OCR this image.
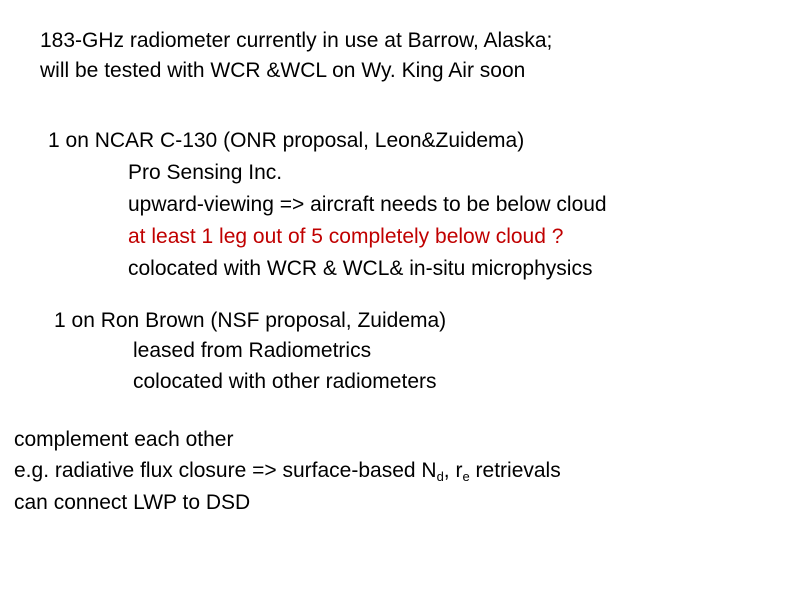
183-GHz radiometer currently in use at Barrow, Alaska;
will be tested with WCR &WCL on Wy. King Air soon
1 on NCAR C-130 (ONR proposal, Leon&Zuidema)
Pro Sensing Inc.
upward-viewing => aircraft needs to be below cloud
at least 1 leg out of 5 completely below cloud ?
colocated with WCR & WCL& in-situ microphysics
1 on Ron Brown (NSF proposal, Zuidema)
leased from Radiometrics
colocated with other radiometers
complement each other
e.g. radiative flux closure => surface-based $N_d$, $r_e$ retrievals
can connect LWP to DSD
